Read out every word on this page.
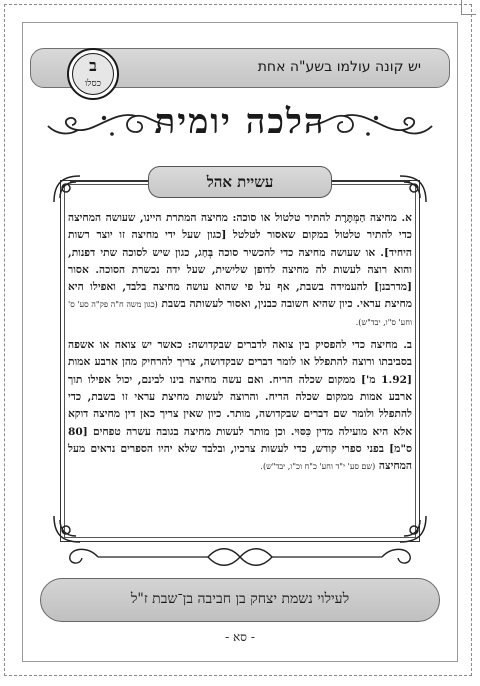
יש קונה עולמו בשע"ה אחת
ב
כסלו
הלכה יומית
עשיית אהל

א. מחיצה הַמְּתֶּרֶת להתיר טלטול או סוכה: מחיצה המתרת היינו, שעושה המחיצה כדי להתיר טלטול במקום שאסור לטלטל [כגון שעל ידי מחיצה זו יוצר רשות היחיד]. או שעושה מחיצה כדי להכשיר סוכה בְּחַג, כגון שיש לסוכה שתי דפנות, והוא רוצה לעשות לה מחיצה לדופן שלישית, שעל ידה נכשרת הסוכה. אסור [מדרבנן] להעמידה בשבת, אף על פי שהוא עושה מחיצה בלבד, ואפילו היא מחיצת עראי. כיון שהיא חשובה כבנין, ואסור לעשותה בשבת (כגון משה ח"ה פק"ה סע' ס' וחע' ס"ו, יבד"ש).

ב. מחיצה כדי להפסיק בין צואה לדברים שבקדושה: כאשר יש צואה או אשפה בסביבתו ורוצה להתפלל או לומר דברים שבקדושה, צריך להרחיק מהן ארבע אמות [1.92 מ'] ממקום שכלה הריח. ואם עשה מחיצה בינו לבינם, יכול אפילו תוך ארבע אמות ממקום שכלה הריח. והרוצה לעשות מחיצת עראי זו בשבת, כדי להתפלל ולומר שם דברים שבקדושה, מותר. כיון שאין צריך כאן דין מחיצה דוקא אלא היא מועילה מדין כִּסּוּי. וכן מותר לעשות מחיצה בגובה עשרה טפחים [80 ס"מ] בפני ספרי קודש, כדי לעשות צרכיו, ובלבד שלא יהיו הספרים נראים מעל המחיצה (שם סע' י"ד וחע' כ"ח וכ"ו, יבד"ש).

לעילוי נשמת יצחק בן חביבה בן־שבת ז"ל
- סא -
